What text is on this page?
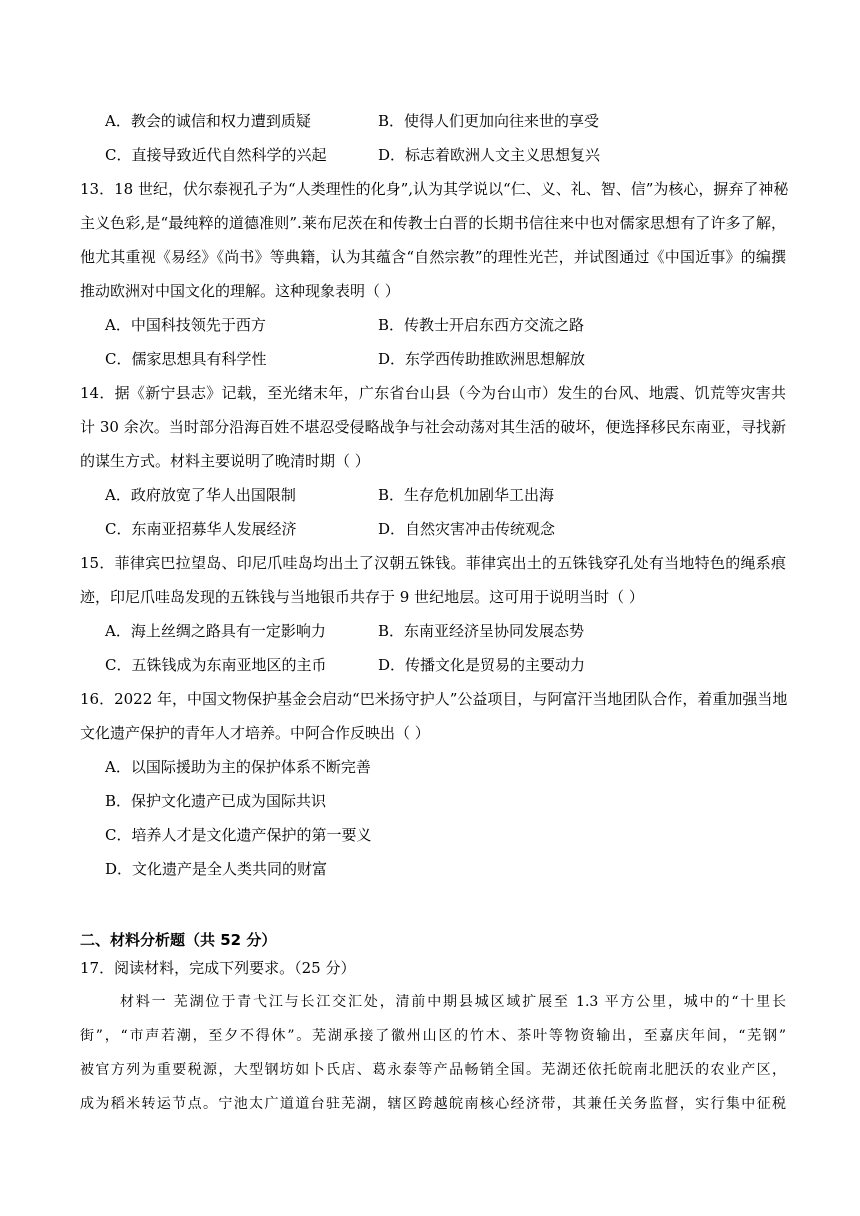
A．教会的诚信和权力遭到质疑	B．使得人们更加向往来世的享受
C．直接导致近代自然科学的兴起	D．标志着欧洲人文主义思想复兴
13．18 世纪，伏尔泰视孔子为“人类理性的化身”,认为其学说以“仁、义、礼、智、信”为核心，摒弃了神秘
主义色彩,是“最纯粹的道德准则”.莱布尼茨在和传教士白晋的长期书信往来中也对儒家思想有了许多了解，
他尤其重视《易经》《尚书》等典籍，认为其蕴含“自然宗教”的理性光芒，并试图通过《中国近事》的编撰
推动欧洲对中国文化的理解。这种现象表明（ ）
A．中国科技领先于西方	B．传教士开启东西方交流之路
C．儒家思想具有科学性	D．东学西传助推欧洲思想解放
14．据《新宁县志》记载，至光绪末年，广东省台山县（今为台山市）发生的台风、地震、饥荒等灾害共
计 30 余次。当时部分沿海百姓不堪忍受侵略战争与社会动荡对其生活的破坏，便选择移民东南亚，寻找新
的谋生方式。材料主要说明了晚清时期（ ）
A．政府放宽了华人出国限制	B．生存危机加剧华工出海
C．东南亚招募华人发展经济	D．自然灾害冲击传统观念
15．菲律宾巴拉望岛、印尼爪哇岛均出土了汉朝五铢钱。菲律宾出土的五铢钱穿孔处有当地特色的绳系痕
迹，印尼爪哇岛发现的五铢钱与当地银币共存于 9 世纪地层。这可用于说明当时（ ）
A．海上丝绸之路具有一定影响力	B．东南亚经济呈协同发展态势
C．五铢钱成为东南亚地区的主币	D．传播文化是贸易的主要动力
16．2022 年，中国文物保护基金会启动“巴米扬守护人”公益项目，与阿富汗当地团队合作，着重加强当地
文化遗产保护的青年人才培养。中阿合作反映出（ ）
A．以国际援助为主的保护体系不断完善
B．保护文化遗产已成为国际共识
C．培养人才是文化遗产保护的第一要义
D．文化遗产是全人类共同的财富
二、材料分析题（共 52 分）
17．阅读材料，完成下列要求。（25 分）
材料一 芜湖位于青弋江与长江交汇处，清前中期县城区域扩展至 1.3 平方公里，城中的“十里长
街”，“市声若潮，至夕不得休”。芜湖承接了徽州山区的竹木、茶叶等物资输出，至嘉庆年间，“芜钢”
被官方列为重要税源，大型钢坊如卜氏店、葛永泰等产品畅销全国。芜湖还依托皖南北肥沃的农业产区，
成为稻米转运节点。宁池太广道道台驻芜湖，辖区跨越皖南核心经济带，其兼任关务监督，实行集中征税
